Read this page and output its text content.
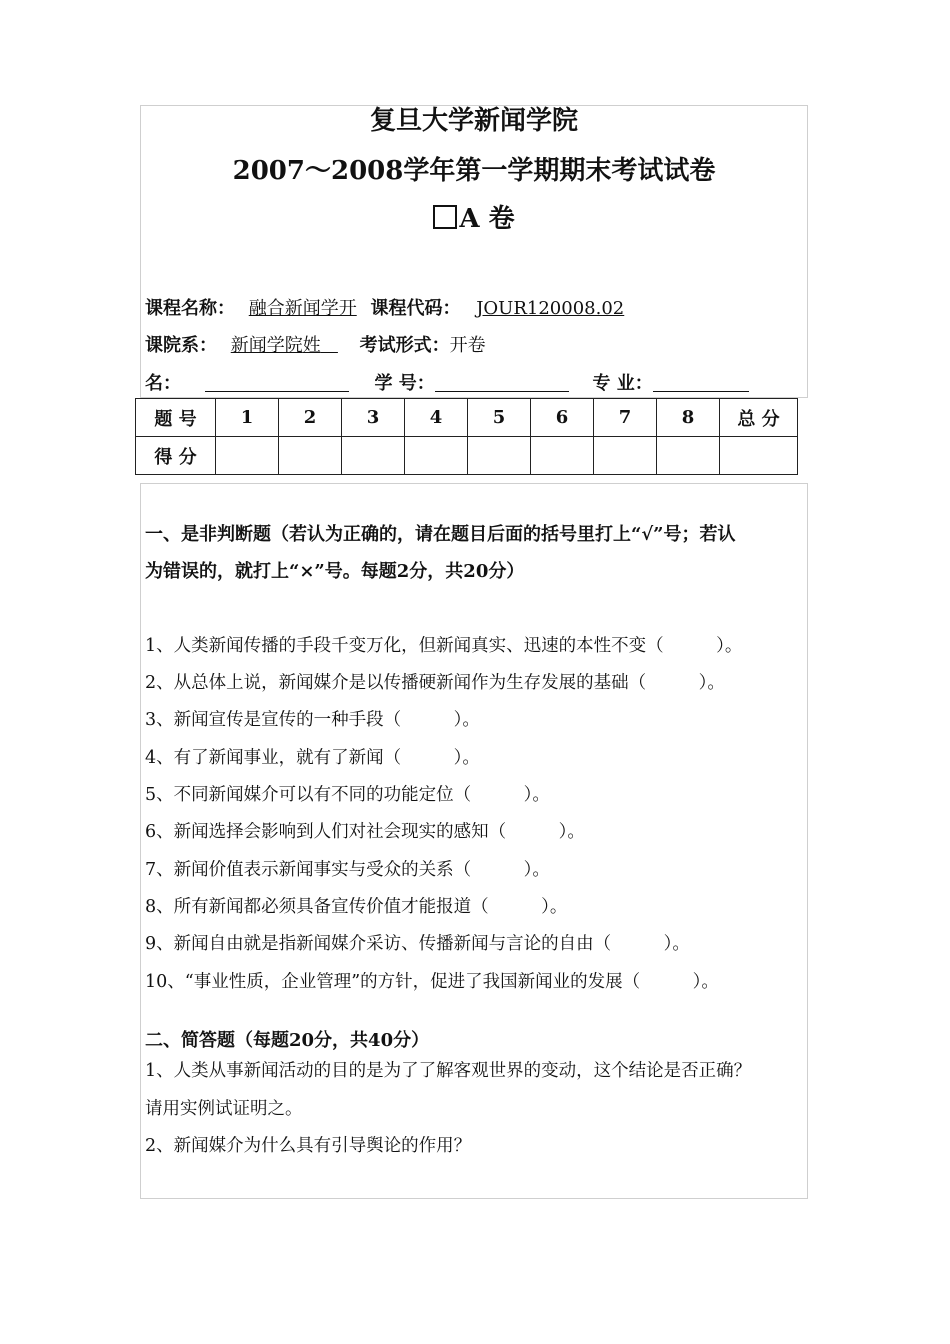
复旦大学新闻学院
2007～2008学年第一学期期末考试试卷
A 卷
课程名称： 融合新闻学开 课程代码： JOUR120008.02
课院系： 新闻学院姓 考试形式：开卷
名：	学 号：	专 业：
题 号	1	2	3	4	5	6	7	8	总 分
得 分									
一、是非判断题（若认为正确的，请在题目后面的括号里打上“√”号；若认
为错误的，就打上“×”号。每题2分，共20分）
1、人类新闻传播的手段千变万化，但新闻真实、迅速的本性不变（　　　）。
2、从总体上说，新闻媒介是以传播硬新闻作为生存发展的基础（　　　）。
3、新闻宣传是宣传的一种手段（　　　）。
4、有了新闻事业，就有了新闻（　　　）。
5、不同新闻媒介可以有不同的功能定位（　　　）。
6、新闻选择会影响到人们对社会现实的感知（　　　）。
7、新闻价值表示新闻事实与受众的关系（　　　）。
8、所有新闻都必须具备宣传价值才能报道（　　　）。
9、新闻自由就是指新闻媒介采访、传播新闻与言论的自由（　　　）。
10、“事业性质，企业管理”的方针，促进了我国新闻业的发展（　　　）。
二、简答题（每题20分，共40分）
1、人类从事新闻活动的目的是为了了解客观世界的变动，这个结论是否正确？
请用实例试证明之。
2、新闻媒介为什么具有引导舆论的作用？
